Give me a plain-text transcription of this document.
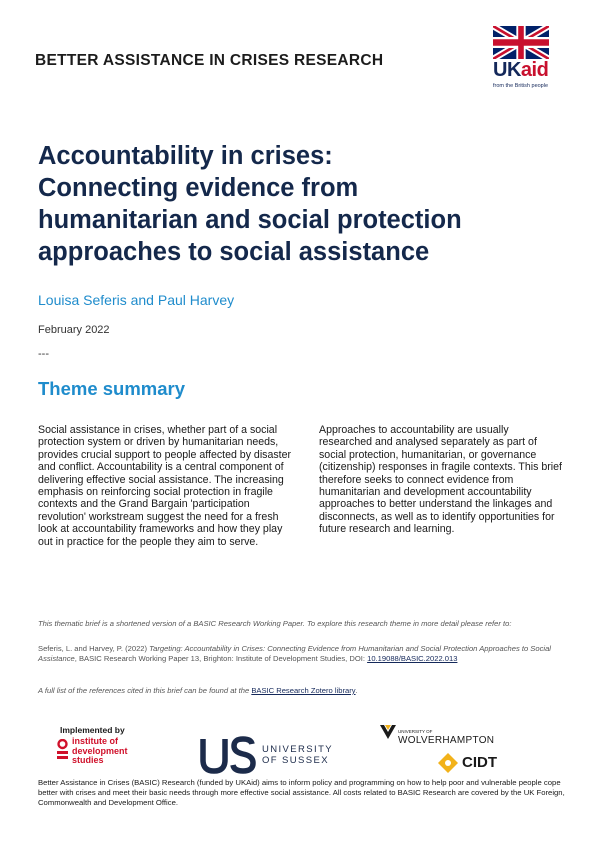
BETTER ASSISTANCE IN CRISES RESEARCH	UKaid
from the British people
Accountability in crises:
Connecting evidence from
humanitarian and social protection
approaches to social assistance
Louisa Seferis and Paul Harvey
February 2022
---
Theme summary

Social assistance in crises, whether part of a social protection system or driven by humanitarian needs, provides crucial support to people affected by disaster and conflict. Accountability is a central component of delivering effective social assistance. The increasing emphasis on reinforcing social protection in fragile contexts and the Grand Bargain 'participation revolution' workstream suggest the need for a fresh look at accountability frameworks and how they play out in practice for the people they aim to serve.

Approaches to accountability are usually researched and analysed separately as part of social protection, humanitarian, or governance (citizenship) responses in fragile contexts. This brief therefore seeks to connect evidence from humanitarian and development accountability approaches to better understand the linkages and disconnects, as well as to identify opportunities for future research and learning.

This thematic brief is a shortened version of a BASIC Research Working Paper. To explore this research theme in more detail please refer to:

Seferis, L. and Harvey, P. (2022) Targeting: Accountability in Crises: Connecting Evidence from Humanitarian and Social Protection Approaches to Social Assistance, BASIC Research Working Paper 13, Brighton: Institute of Development Studies, DOI: 10.19088/BASIC.2022.013

A full list of the references cited in this brief can be found at the BASIC Research Zotero library.

Implemented by
institute of
development
studies
UNIVERSITY
OF SUSSEX
UNIVERSITY OF
WOLVERHAMPTON
CIDT

Better Assistance in Crises (BASIC) Research (funded by UKAid) aims to inform policy and programming on how to help poor and vulnerable people cope better with crises and meet their basic needs through more effective social assistance. All costs related to BASIC Research are covered by the UK Foreign, Commonwealth and Development Office.
